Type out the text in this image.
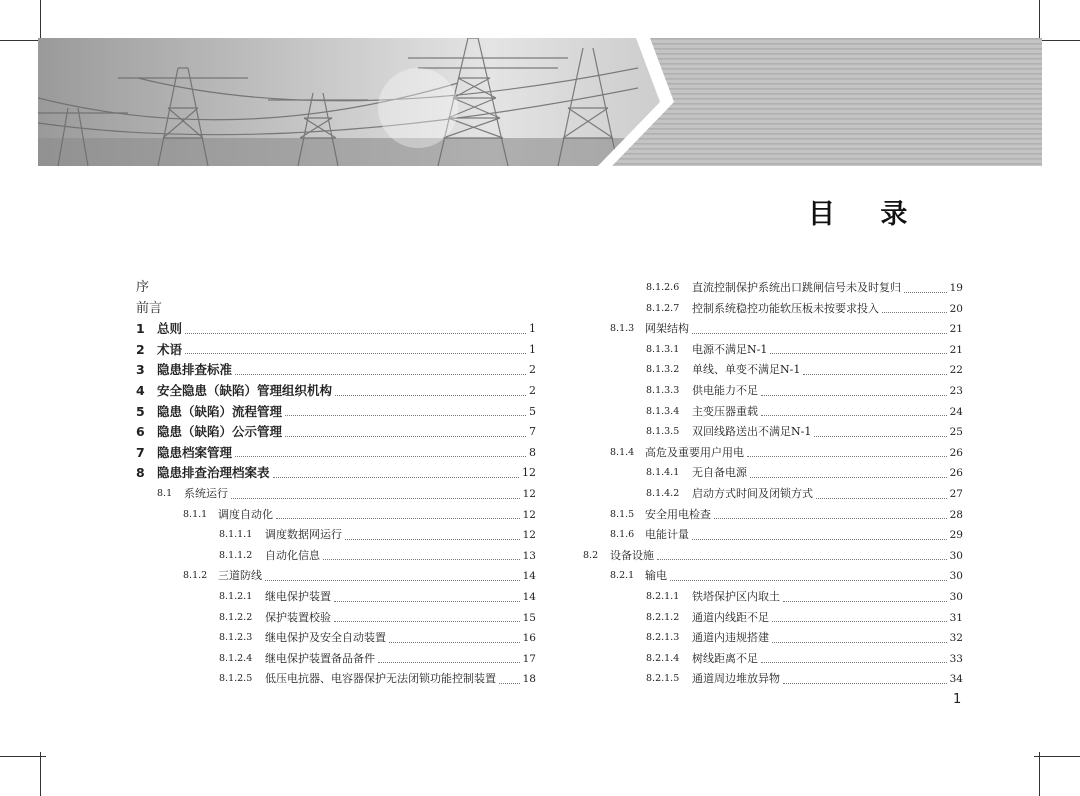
目 录
序
前言
1 总则	1
2 术语	1
3 隐患排查标准	2
4 安全隐患（缺陷）管理组织机构	2
5 隐患（缺陷）流程管理	5
6 隐患（缺陷）公示管理	7
7 隐患档案管理	8
8 隐患排查治理档案表	12
8.1	系统运行	12
8.1.1 调度自动化	12
8.1.1.1	调度数据网运行	12
8.1.1.2	自动化信息	13
8.1.2 三道防线	14
8.1.2.1	继电保护装置	14
8.1.2.2	保护装置校验	15
8.1.2.3	继电保护及安全自动装置	16
8.1.2.4	继电保护装置备品备件	17
8.1.2.5	低压电抗器、电容器保护无法闭锁功能控制装置	18
8.1.2.6	直流控制保护系统出口跳闸信号未及时复归	19
8.1.2.7	控制系统稳控功能软压板未按要求投入	20
8.1.3 网架结构	21
8.1.3.1	电源不满足N-1	21
8.1.3.2	单线、单变不满足N-1	22
8.1.3.3	供电能力不足	23
8.1.3.4	主变压器重载	24
8.1.3.5	双回线路送出不满足N-1	25
8.1.4 高危及重要用户用电	26
8.1.4.1	无自备电源	26
8.1.4.2	启动方式时间及闭锁方式	27
8.1.5 安全用电检查	28
8.1.6 电能计量	29
8.2	设备设施	30
8.2.1 输电	30
8.2.1.1	铁塔保护区内取土	30
8.2.1.2	通道内线距不足	31
8.2.1.3	通道内违规搭建	32
8.2.1.4	树线距离不足	33
8.2.1.5	通道周边堆放异物	34
1
